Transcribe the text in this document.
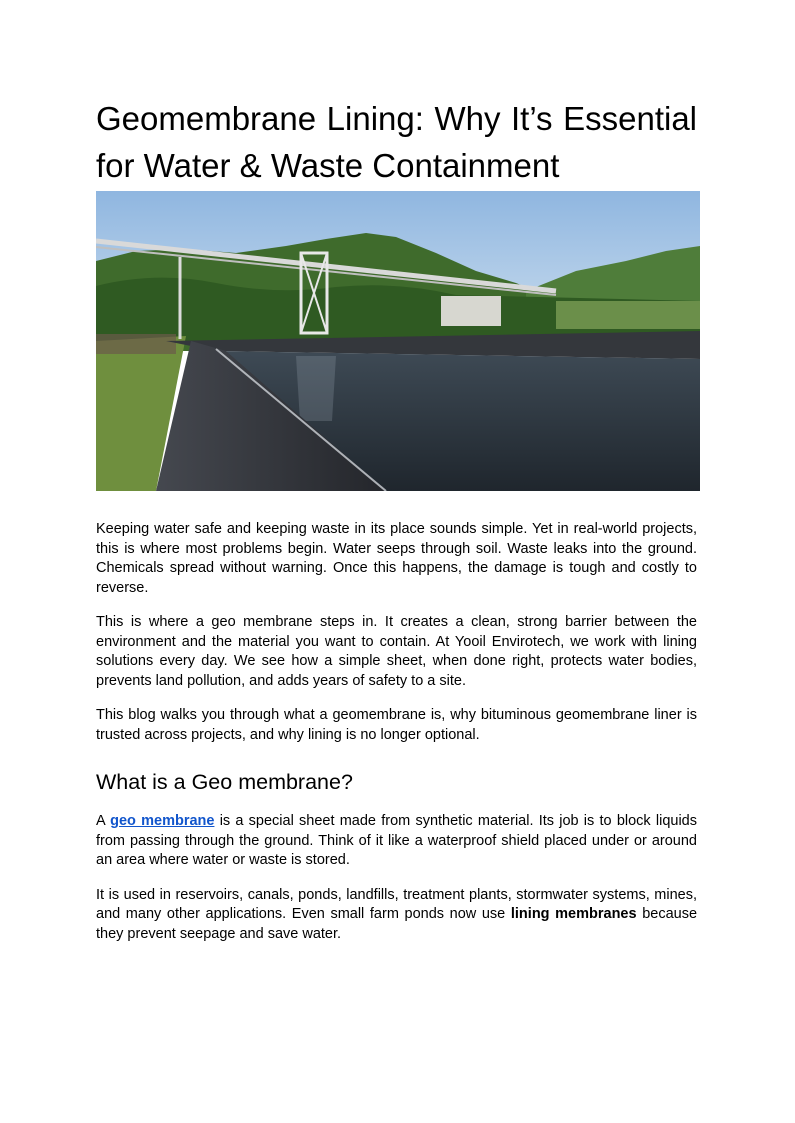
Geomembrane Lining: Why It’s Essential for Water & Waste Containment

Keeping water safe and keeping waste in its place sounds simple. Yet in real-world projects, this is where most problems begin. Water seeps through soil. Waste leaks into the ground. Chemicals spread without warning. Once this happens, the damage is tough and costly to reverse.

This is where a geo membrane steps in. It creates a clean, strong barrier between the environment and the material you want to contain. At Yooil Envirotech, we work with lining solutions every day. We see how a simple sheet, when done right, protects water bodies, prevents land pollution, and adds years of safety to a site.

This blog walks you through what a geomembrane is, why bituminous geomembrane liner is trusted across projects, and why lining is no longer optional.

What is a Geo membrane?

A geo membrane is a special sheet made from synthetic material. Its job is to block liquids from passing through the ground. Think of it like a waterproof shield placed under or around an area where water or waste is stored.

It is used in reservoirs, canals, ponds, landfills, treatment plants, stormwater systems, mines, and many other applications. Even small farm ponds now use lining membranes because they prevent seepage and save water.
